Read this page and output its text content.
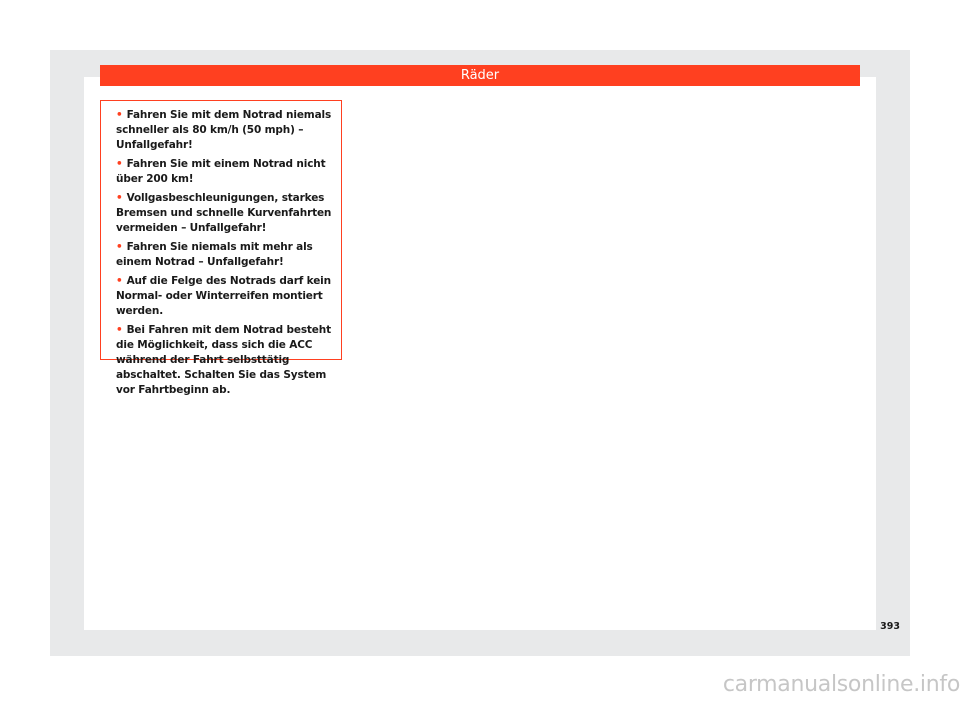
Räder
• Fahren Sie mit dem Notrad niemals schneller als 80 km/h (50 mph) – Unfallgefahr!
• Fahren Sie mit einem Notrad nicht über 200 km!
• Vollgasbeschleunigungen, starkes Bremsen und schnelle Kurvenfahrten vermeiden – Unfallgefahr!
• Fahren Sie niemals mit mehr als einem Notrad – Unfallgefahr!
• Auf die Felge des Notrads darf kein Normal- oder Winterreifen montiert werden.
• Bei Fahren mit dem Notrad besteht die Möglichkeit, dass sich die ACC während der Fahrt selbsttätig abschaltet. Schalten Sie das System vor Fahrtbeginn ab.
393
carmanualsonline.info
